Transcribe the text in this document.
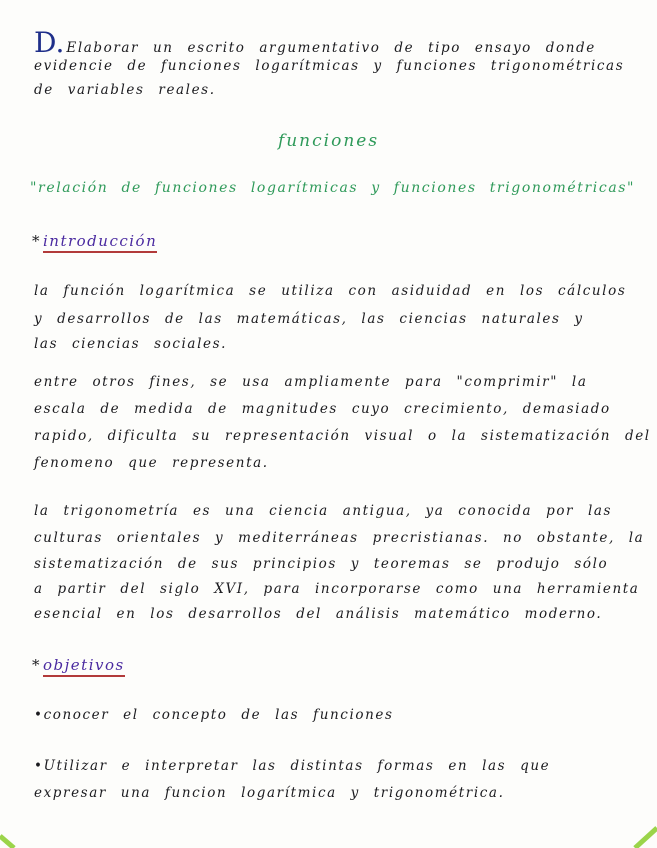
D. Elaborar un escrito argumentativo de tipo ensayo donde
evidencie de funciones logarítmicas y funciones trigonométricas
de variables reales.
funciones
"relación de funciones logarítmicas y funciones trigonométricas"
* introducción
la función logarítmica se utiliza con asiduidad en los cálculos
y desarrollos de las matemáticas, las ciencias naturales y
las ciencias sociales.
entre otros fines, se usa ampliamente para "comprimir" la
escala de medida de magnitudes cuyo crecimiento, demasiado
rapido, dificulta su representación visual o la sistematización del
fenomeno que representa.
la trigonometría es una ciencia antigua, ya conocida por las
culturas orientales y mediterráneas precristianas. no obstante, la
sistematización de sus principios y teoremas se produjo sólo
a partir del siglo XVI, para incorporarse como una herramienta
esencial en los desarrollos del análisis matemático moderno.
* objetivos
•conocer el concepto de las funciones
•Utilizar e interpretar las distintas formas en las que
expresar una funcion logarítmica y trigonométrica.
